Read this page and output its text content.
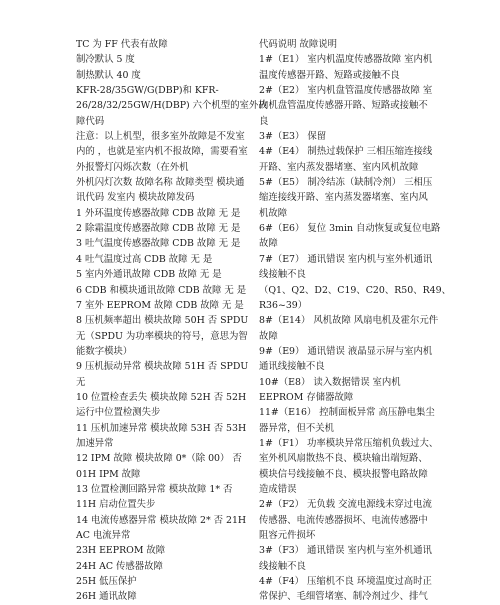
TC 为 FF 代表有故障
制冷默认 5 度
制热默认 40 度
KFR-28/35GW/G(DBP)和 KFR-
26/28/32/25GW/H(DBP) 六个机型的室外故
障代码
注意：以上机型，很多室外故障是不发室
内的 ，也就是室内机不报故障，需要看室
外报警灯闪烁次数（在外机
外机闪灯次数 故障名称 故障类型 模块通
讯代码 发室内 模块故障发码
1 外环温度传感器故障 CDB 故障 无 是
2 除霜温度传感器故障 CDB 故障 无 是
3 吐气温度传感器故障 CDB 故障 无 是
4 吐气温度过高 CDB 故障 无 是
5 室内外通讯故障 CDB 故障 无 是
6 CDB 和模块通讯故障 CDB 故障 无 是
7 室外 EEPROM 故障 CDB 故障 无 是
8 压机频率超出 模块故障 50H 否 SPDU
无（SPDU 为功率模块的符号，意思为智
能数字模块）
9 压机振动异常 模块故障 51H 否 SPDU
无
10 位置检查丢失 模块故障 52H 否 52H
运行中位置检测失步
11 压机加速异常 模块故障 53H 否 53H
加速异常
12 IPM 故障 模块故障 0*（除 00） 否
01H IPM 故障
13 位置检测回路异常 模块故障 1* 否
11H 启动位置失步
14 电流传感器异常 模块故障 2* 否 21H
AC 电流异常
23H EEPROM 故障
24H AC 传感器故障
25H 低压保护
26H 通讯故障
代码说明 故障说明
1#（E1） 室内机温度传感器故障 室内机
温度传感器开路、短路或接触不良
2#（E2） 室内机盘管温度传感器故障 室
内机盘管温度传感器开路、短路或接触不
良
3#（E3） 保留
4#（E4） 制热过载保护 三相压缩连接线
开路、室内蒸发器堵塞、室内风机故障
5#（E5） 制冷结冻（缺制冷剂） 三相压
缩连接线开路、室内蒸发器堵塞、室内风
机故障
6#（E6） 复位 3min 自动恢复或复位电路
故障
7#（E7） 通讯错误 室内机与室外机通讯
线接触不良
（Q1、Q2、D2、C19、C20、R50、R49、
R36~39）
8#（E14） 风机故障 风扇电机及霍尔元件
故障
9#（E9） 通讯错误 液晶显示屏与室内机
通讯线接触不良
10#（E8） 读入数据错误 室内机
EEPROM 存储器故障
11#（E16） 控制面板异常 高压静电集尘
器异常，但不关机
1#（F1） 功率模块异常压缩机负载过大、
室外机风扇散热不良、模块输出端短路、
模块信号线接触不良、模块报警电路故障
造成错误
2#（F2） 无负载 交流电源线未穿过电流
传感器、电流传感器损坏、电流传感器中
阻容元件损坏
3#（F3） 通讯错误 室内机与室外机通讯
线接触不良
4#（F4） 压缩机不良 环境温度过高时正
常保护、毛细管堵塞、制冷剂过少、排气
